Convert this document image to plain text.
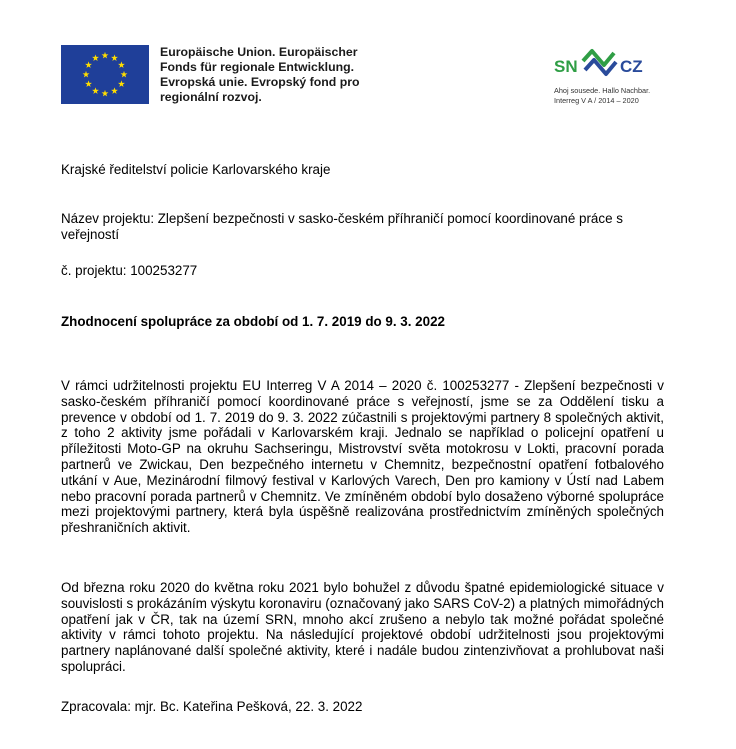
Europäische Union. Europäischer
Fonds für regionale Entwicklung.
Evropská unie. Evropský fond pro
regionální rozvoj.
SN CZ
Ahoj sousede. Hallo Nachbar.
Interreg V A / 2014 – 2020
Krajské ředitelství policie Karlovarského kraje
Název projektu: Zlepšení bezpečnosti v sasko-českém příhraničí pomocí koordinované práce s veřejností
č. projektu: 100253277
Zhodnocení spolupráce za období od 1. 7. 2019 do 9. 3. 2022
V rámci udržitelnosti projektu EU Interreg V A 2014 – 2020 č. 100253277 - Zlepšení bezpečnosti v sasko-českém příhraničí pomocí koordinované práce s veřejností, jsme se za Oddělení tisku a prevence v období od 1. 7. 2019 do 9. 3. 2022 zúčastnili s projektovými partnery 8 společných aktivit, z toho 2 aktivity jsme pořádali v Karlovarském kraji. Jednalo se například o policejní opatření u příležitosti Moto-GP na okruhu Sachseringu, Mistrovství světa motokrosu v Lokti, pracovní porada partnerů ve Zwickau, Den bezpečného internetu v Chemnitz, bezpečnostní opatření fotbalového utkání v Aue, Mezinárodní filmový festival v Karlových Varech, Den pro kamiony v Ústí nad Labem nebo pracovní porada partnerů v Chemnitz. Ve zmíněném období bylo dosaženo výborné spolupráce mezi projektovými partnery, která byla úspěšně realizována prostřednictvím zmíněných společných přeshraničních aktivit.
Od března roku 2020 do května roku 2021 bylo bohužel z důvodu špatné epidemiologické situace v souvislosti s prokázáním výskytu koronaviru (označovaný jako SARS CoV-2) a platných mimořádných opatření jak v ČR, tak na území SRN, mnoho akcí zrušeno a nebylo tak možné pořádat společné aktivity v rámci tohoto projektu. Na následující projektové období udržitelnosti jsou projektovými partnery naplánované další společné aktivity, které i nadále budou zintenzivňovat a prohlubovat naši spolupráci.
Zpracovala: mjr. Bc. Kateřina Pešková, 22. 3. 2022
